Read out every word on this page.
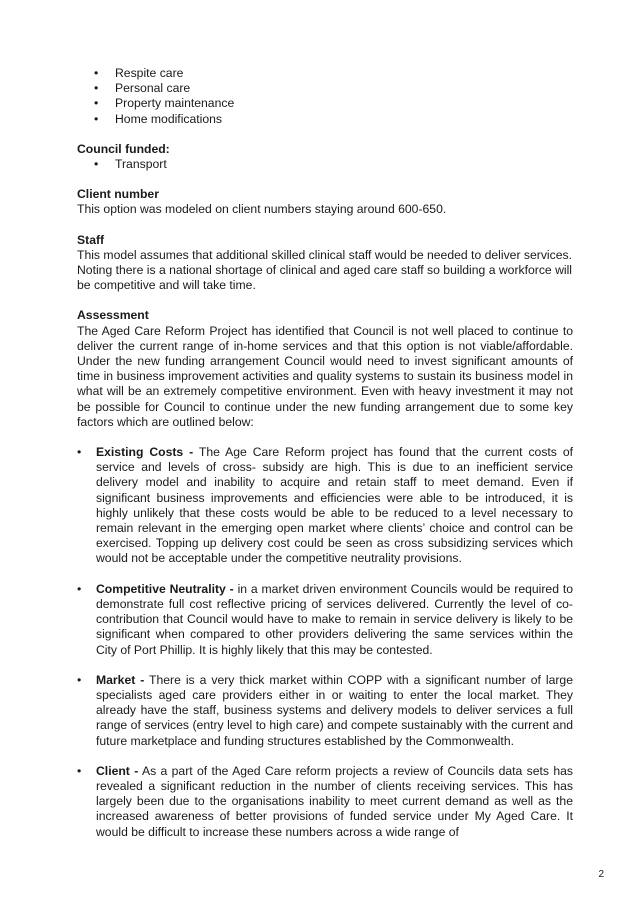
• Respite care
• Personal care
• Property maintenance
• Home modifications

Council funded:

• Transport

Client number

This option was modeled on client numbers staying around 600-650.

Staff

This model assumes that additional skilled clinical staff would be needed to deliver services. Noting there is a national shortage of clinical and aged care staff so building a workforce will be competitive and will take time.

Assessment

The Aged Care Reform Project has identified that Council is not well placed to continue to deliver the current range of in-home services and that this option is not viable/affordable. Under the new funding arrangement Council would need to invest significant amounts of time in business improvement activities and quality systems to sustain its business model in what will be an extremely competitive environment. Even with heavy investment it may not be possible for Council to continue under the new funding arrangement due to some key factors which are outlined below:

• Existing Costs - The Age Care Reform project has found that the current costs of service and levels of cross- subsidy are high. This is due to an inefficient service delivery model and inability to acquire and retain staff to meet demand. Even if significant business improvements and efficiencies were able to be introduced, it is highly unlikely that these costs would be able to be reduced to a level necessary to remain relevant in the emerging open market where clients’ choice and control can be exercised. Topping up delivery cost could be seen as cross subsidizing services which would not be acceptable under the competitive neutrality provisions.
• Competitive Neutrality - in a market driven environment Councils would be required to demonstrate full cost reflective pricing of services delivered. Currently the level of co- contribution that Council would have to make to remain in service delivery is likely to be significant when compared to other providers delivering the same services within the City of Port Phillip. It is highly likely that this may be contested.
• Market - There is a very thick market within COPP with a significant number of large specialists aged care providers either in or waiting to enter the local market. They already have the staff, business systems and delivery models to deliver services a full range of services (entry level to high care) and compete sustainably with the current and future marketplace and funding structures established by the Commonwealth.
• Client - As a part of the Aged Care reform projects a review of Councils data sets has revealed a significant reduction in the number of clients receiving services. This has largely been due to the organisations inability to meet current demand as well as the increased awareness of better provisions of funded service under My Aged Care. It would be difficult to increase these numbers across a wide range of
2
